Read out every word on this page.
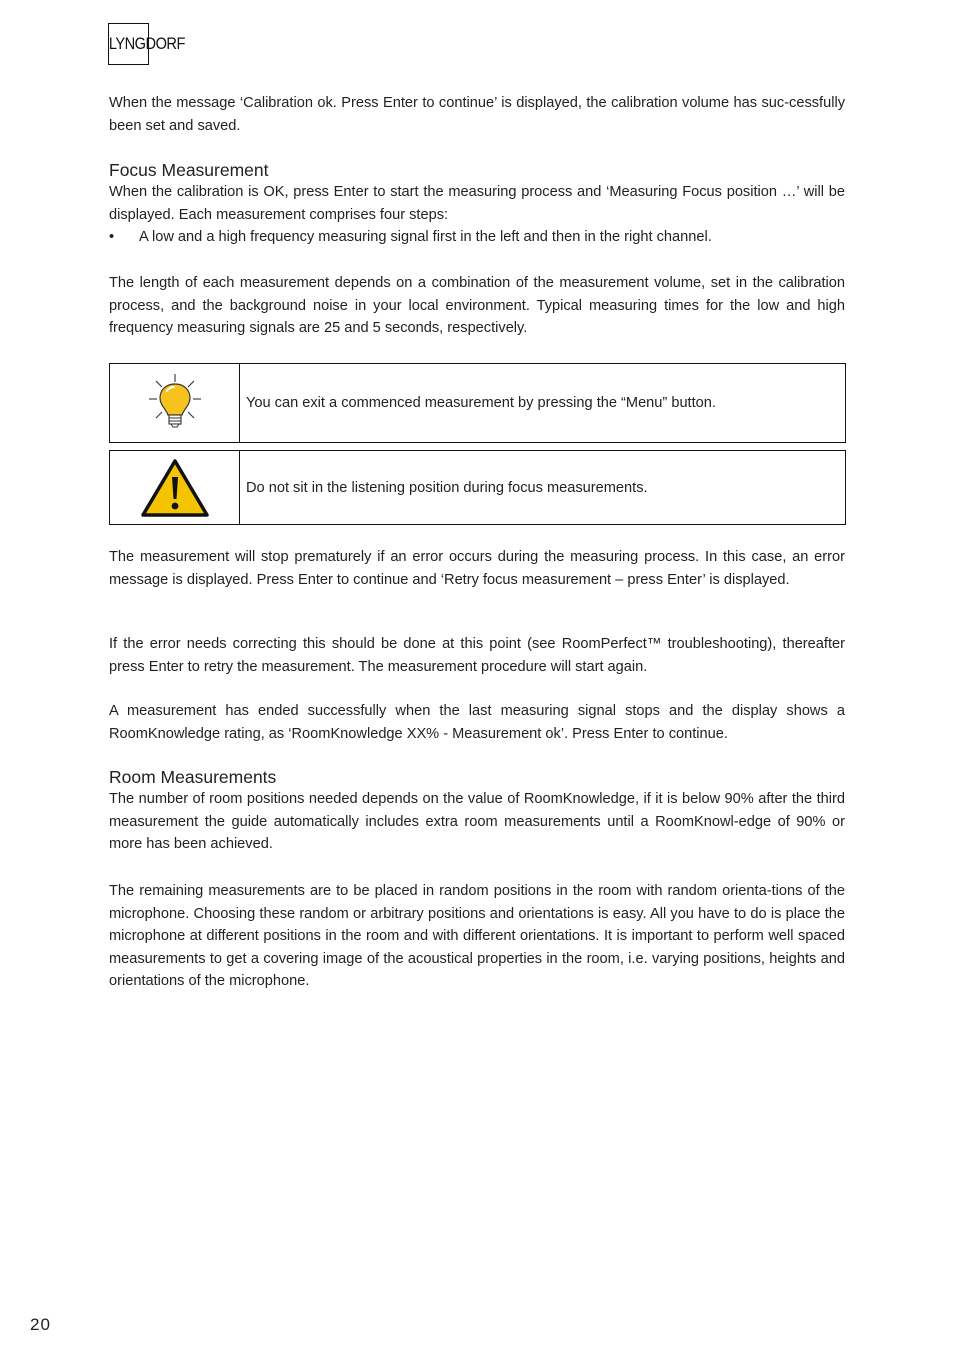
LYNGDORF

When the message ‘Calibration ok. Press Enter to continue’ is displayed, the calibration volume has suc-cessfully been set and saved.

Focus Measurement

When the calibration is OK, press Enter to start the measuring process and ‘Measuring Focus position …’ will be displayed. Each measurement comprises four steps:

•	A low and a high frequency measuring signal first in the left and then in the right channel.

The length of each measurement depends on a combination of the measurement volume, set in the calibration process, and the background noise in your local environment. Typical measuring times for the low and high frequency measuring signals are 25 and 5 seconds, respectively.

You can exit a commenced measurement by pressing the “Menu” button.
Do not sit in the listening position during focus measurements.

The measurement will stop prematurely if an error occurs during the measuring process. In this case, an error message is displayed. Press Enter to continue and ‘Retry focus measurement – press Enter’ is displayed.

If the error needs correcting this should be done at this point (see RoomPerfect™ troubleshooting), thereafter press Enter to retry the measurement. The measurement procedure will start again.

A measurement has ended successfully when the last measuring signal stops and the display shows a RoomKnowledge rating, as ‘RoomKnowledge XX% - Measurement ok’. Press Enter to continue.

Room Measurements

The number of room positions needed depends on the value of RoomKnowledge, if it is below 90% after the third measurement the guide automatically includes extra room measurements until a RoomKnowl-edge of 90% or more has been achieved.

The remaining measurements are to be placed in random positions in the room with random orienta-tions of the microphone. Choosing these random or arbitrary positions and orientations is easy. All you have to do is place the microphone at different positions in the room and with different orientations. It is important to perform well spaced measurements to get a covering image of the acoustical properties in the room, i.e. varying positions, heights and orientations of the microphone.

20
